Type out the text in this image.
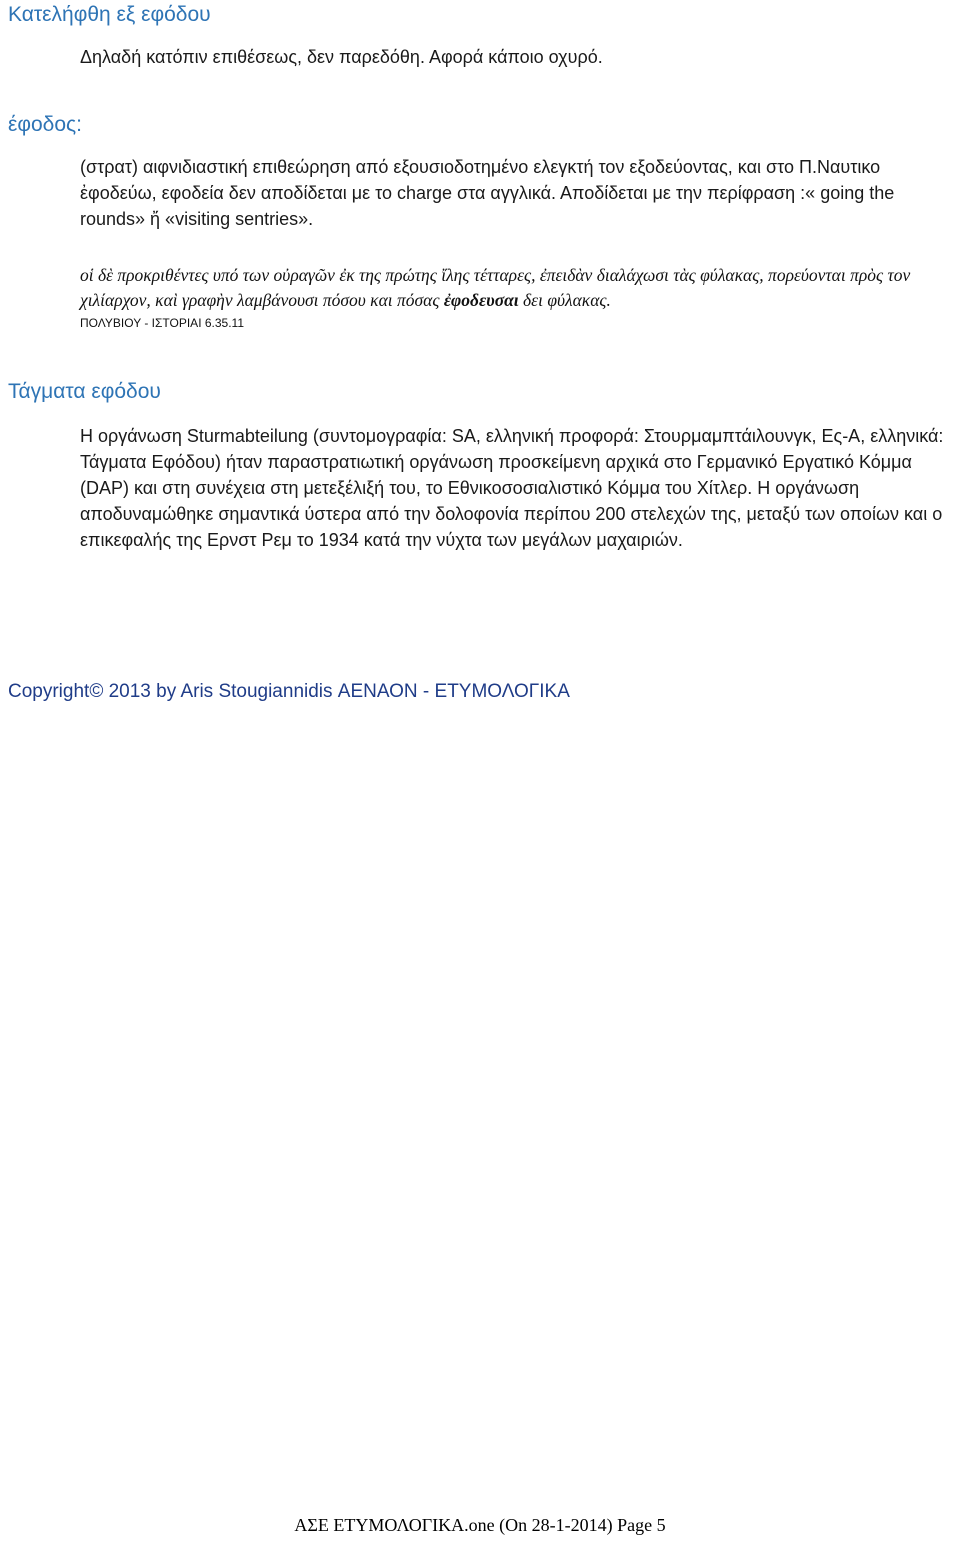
Κατελήφθη εξ εφόδου

Δηλαδή κατόπιν επιθέσεως, δεν παρεδόθη. Αφορά κάποιο οχυρό.

έφοδος:

(στρατ) αιφνιδιαστική επιθεώρηση από εξουσιοδοτημένο ελεγκτή τον εξοδεύοντας, και στο Π.Ναυτικο ἐφοδεύω, εφοδεία δεν αποδίδεται με το charge στα αγγλικά. Αποδίδεται με την περίφραση :« going the rounds» ἤ «visiting sentries».

οἱ δὲ προκριθέντες υπό των οὐραγῶν ἐκ της πρώτης ἴλης τέτταρες, ἐπειδὰν διαλάχωσι τὰς φύλακας, πορεύονται πρὸς τον χιλίαρχον, καὶ γραφὴν λαμβάνουσι πόσου και πόσας ἐφοδευσαι δει φύλακας.

ΠΟΛΥΒΙΟΥ - ΙΣΤΟΡΙΑΙ 6.35.11

Τάγματα εφόδου

Η οργάνωση Sturmabteilung (συντομογραφία: SA, ελληνική προφορά: Στουρμαμπτάιλουνγκ, Ες-Α, ελληνικά: Τάγματα Εφόδου) ήταν παραστρατιωτική οργάνωση προσκείμενη αρχικά στο Γερμανικό Εργατικό Κόμμα (DAP) και στη συνέχεια στη μετεξέλιξή του, το Εθνικοσοσιαλιστικό Κόμμα του Χίτλερ. Η οργάνωση αποδυναμώθηκε σημαντικά ύστερα από την δολοφονία περίπου 200 στελεχών της, μεταξύ των οποίων και ο επικεφαλής της Ερνστ Ρεμ το 1934 κατά την νύχτα των μεγάλων μαχαιριών.

Copyright© 2013 by Aris Stougiannidis ΑΕΝΑΟΝ - ΕΤΥΜΟΛΟΓΙΚΑ

ΑΣΕ ΕΤΥΜΟΛΟΓΙΚΑ.one (On 28-1-2014) Page 5
